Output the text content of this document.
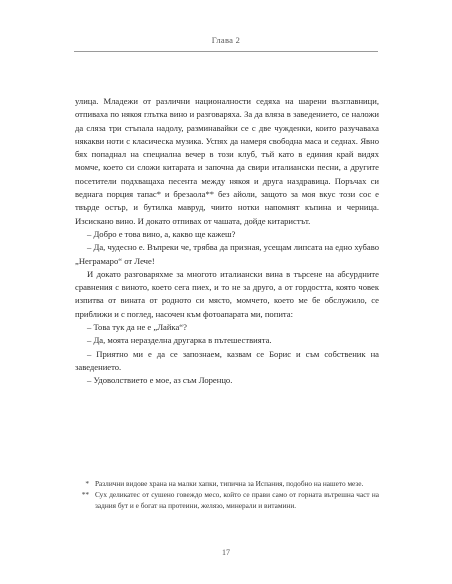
Глава 2

улица. Младежи от различни националности седяха на шарени възглавници, отпиваха по някоя глътка вино и разговаряха. За да вляза в заведението, се наложи да сляза три стъпала надолу, разминавайки се с две чужденки, които разучаваха някакви ноти с класическа музика. Успях да намеря свободна маса и седнах. Явно бях попаднал на специална вечер в този клуб, тъй като в единия край видях момче, което си сложи китарата и започна да свири италиански песни, а другите посетители подхващаха песента между някоя и друга наздравица. Поръчах си веднага порция тапас* и брезаола** без айоли, защото за моя вкус този сос е твърде остър, и бутилка мавруд, чиито нотки напомнят къпина и черница. Изсискано вино. И докато отпивах от чашата, дойде китаристът.

– Добро е това вино, а, какво ще кажеш?

– Да, чудесно е. Въпреки че, трябва да призная, усещам липсата на едно хубаво „Неграмаро“ от Лече!

И докато разговаряхме за многото италиански вина в търсене на абсурдните сравнения с виното, което сега пиех, и то не за друго, а от гордостта, която човек изпитва от вината от родното си място, момчето, което ме бе обслужило, се приближи и с поглед, насочен към фотоапарата ми, попита:

– Това тук да не е „Лайка“?

– Да, моята неразделна другарка в пътешествията.

– Приятно ми е да се запознаем, казвам се Борис и съм собственик на заведението.

– Удоволствието е мое, аз съм Лоренцо.

* Различни видове храна на малки хапки, типична за Испания, подобно на нашето мезе.
** Сух деликатес от сушено говеждо месо, който се прави само от горната вътрешна част на задния бут и е богат на протеини, желязо, минерали и витамини.
17
